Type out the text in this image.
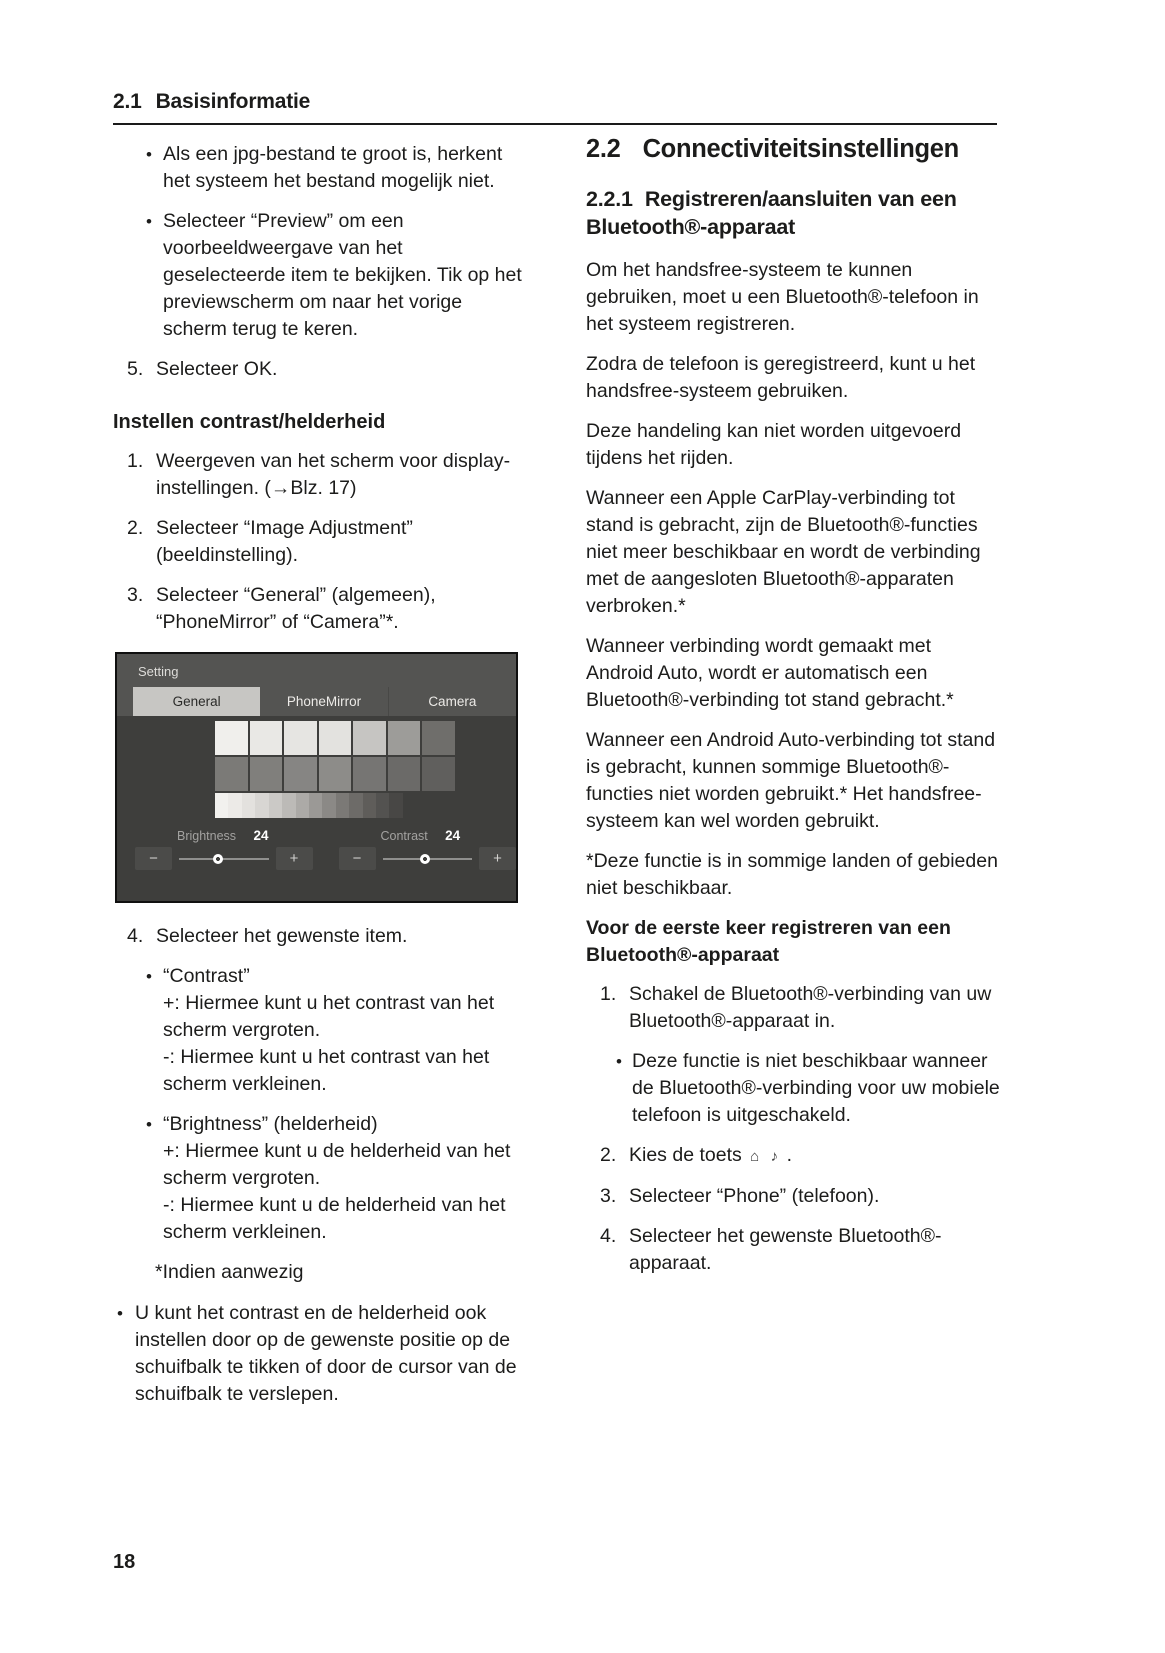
2.1 Basisinformatie
• Als een jpg-bestand te groot is, herkent het systeem het bestand mogelijk niet.
• Selecteer “Preview” om een voorbeeldweergave van het geselecteerde item te bekijken. Tik op het previewscherm om naar het vorige scherm terug te keren.
5. Selecteer OK.
Instellen contrast/helderheid
1. Weergeven van het scherm voor display-instellingen. (→Blz. 17)
2. Selecteer “Image Adjustment” (beeldinstelling).
3. Selecteer “General” (algemeen), “PhoneMirror” of “Camera”*.
Setting
General	PhoneMirror	Camera
Brightness 24
−	+
Contrast 24
−	+
4. Selecteer het gewenste item.
• “Contrast”
+: Hiermee kunt u het contrast van het scherm vergroten.
-: Hiermee kunt u het contrast van het scherm verkleinen.
• “Brightness” (helderheid)
+: Hiermee kunt u de helderheid van het scherm vergroten.
-: Hiermee kunt u de helderheid van het scherm verkleinen.
*Indien aanwezig
• U kunt het contrast en de helderheid ook instellen door op de gewenste positie op de schuifbalk te tikken of door de cursor van de schuifbalk te verslepen.
2.2 Connectiviteitsinstellingen
2.2.1 Registreren/aansluiten van een Bluetooth®-apparaat
Om het handsfree-systeem te kunnen gebruiken, moet u een Bluetooth®-telefoon in het systeem registreren.
Zodra de telefoon is geregistreerd, kunt u het handsfree-systeem gebruiken.
Deze handeling kan niet worden uitgevoerd tijdens het rijden.
Wanneer een Apple CarPlay-verbinding tot stand is gebracht, zijn de Bluetooth®-functies niet meer beschikbaar en wordt de verbinding met de aangesloten Bluetooth®-apparaten verbroken.*
Wanneer verbinding wordt gemaakt met Android Auto, wordt er automatisch een Bluetooth®-verbinding tot stand gebracht.*
Wanneer een Android Auto-verbinding tot stand is gebracht, kunnen sommige Bluetooth®-functies niet worden gebruikt.* Het handsfree-systeem kan wel worden gebruikt.
*Deze functie is in sommige landen of gebieden niet beschikbaar.
Voor de eerste keer registreren van een Bluetooth®-apparaat
1. Schakel de Bluetooth®-verbinding van uw Bluetooth®-apparaat in.
• Deze functie is niet beschikbaar wanneer de Bluetooth®-verbinding voor uw mobiele telefoon is uitgeschakeld.
2. Kies de toets ⌂ ♪ .
3. Selecteer “Phone” (telefoon).
4. Selecteer het gewenste Bluetooth®-apparaat.
18
